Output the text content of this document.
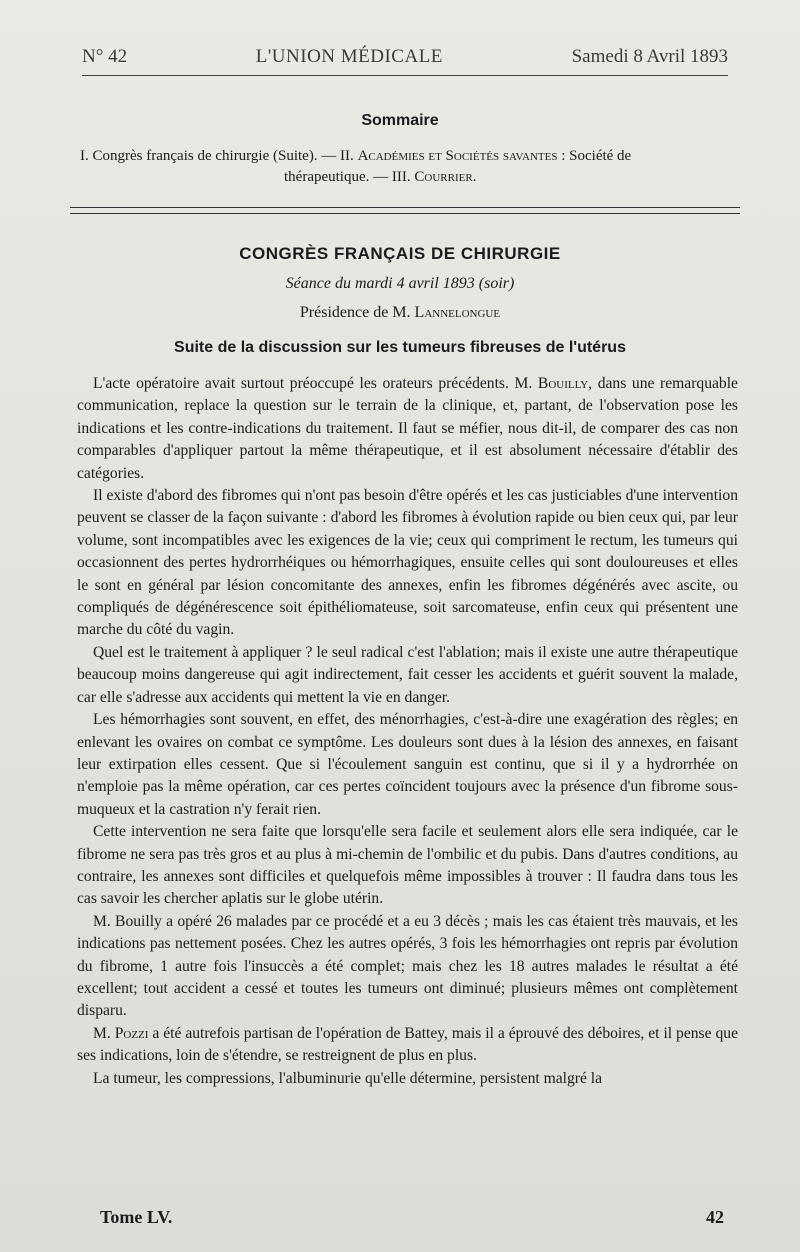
N° 42	L'UNION MÉDICALE	Samedi 8 Avril 1893
Sommaire
I. Congrès français de chirurgie (Suite). — II. Académies et Sociétés savantes : Société de
thérapeutique. — III. Courrier.
CONGRÈS FRANÇAIS DE CHIRURGIE
Séance du mardi 4 avril 1893 (soir)
Présidence de M. Lannelongue
Suite de la discussion sur les tumeurs fibreuses de l'utérus

L'acte opératoire avait surtout préoccupé les orateurs précédents. M. Bouilly, dans une remarquable communication, replace la question sur le terrain de la clinique, et, partant, de l'observation pose les indications et les contre-indications du traitement. Il faut se méfier, nous dit-il, de comparer des cas non comparables d'appliquer partout la même thérapeutique, et il est absolument nécessaire d'établir des catégories.

Il existe d'abord des fibromes qui n'ont pas besoin d'être opérés et les cas justiciables d'une intervention peuvent se classer de la façon suivante : d'abord les fibromes à évolution rapide ou bien ceux qui, par leur volume, sont incompatibles avec les exigences de la vie; ceux qui compriment le rectum, les tumeurs qui occasionnent des pertes hydrorrhéiques ou hémorrhagiques, ensuite celles qui sont douloureuses et elles le sont en général par lésion concomitante des annexes, enfin les fibromes dégénérés avec ascite, ou compliqués de dégénérescence soit épithéliomateuse, soit sarcomateuse, enfin ceux qui présentent une marche du côté du vagin.

Quel est le traitement à appliquer ? le seul radical c'est l'ablation; mais il existe une autre thérapeutique beaucoup moins dangereuse qui agit indirectement, fait cesser les accidents et guérit souvent la malade, car elle s'adresse aux accidents qui mettent la vie en danger.

Les hémorrhagies sont souvent, en effet, des ménorrhagies, c'est-à-dire une exagération des règles; en enlevant les ovaires on combat ce symptôme. Les douleurs sont dues à la lésion des annexes, en faisant leur extirpation elles cessent. Que si l'écoulement sanguin est continu, que si il y a hydrorrhée on n'emploie pas la même opération, car ces pertes coïncident toujours avec la présence d'un fibrome sous-muqueux et la castration n'y ferait rien.

Cette intervention ne sera faite que lorsqu'elle sera facile et seulement alors elle sera indiquée, car le fibrome ne sera pas très gros et au plus à mi-chemin de l'ombilic et du pubis. Dans d'autres conditions, au contraire, les annexes sont difficiles et quelquefois même impossibles à trouver : Il faudra dans tous les cas savoir les chercher aplatis sur le globe utérin.

M. Bouilly a opéré 26 malades par ce procédé et a eu 3 décès ; mais les cas étaient très mauvais, et les indications pas nettement posées. Chez les autres opérés, 3 fois les hémorrhagies ont repris par évolution du fibrome, 1 autre fois l'insuccès a été complet; mais chez les 18 autres malades le résultat a été excellent; tout accident a cessé et toutes les tumeurs ont diminué; plusieurs mêmes ont complètement disparu.

M. Pozzi a été autrefois partisan de l'opération de Battey, mais il a éprouvé des déboires, et il pense que ses indications, loin de s'étendre, se restreignent de plus en plus.

La tumeur, les compressions, l'albuminurie qu'elle détermine, persistent malgré la

Tome LV.	42
